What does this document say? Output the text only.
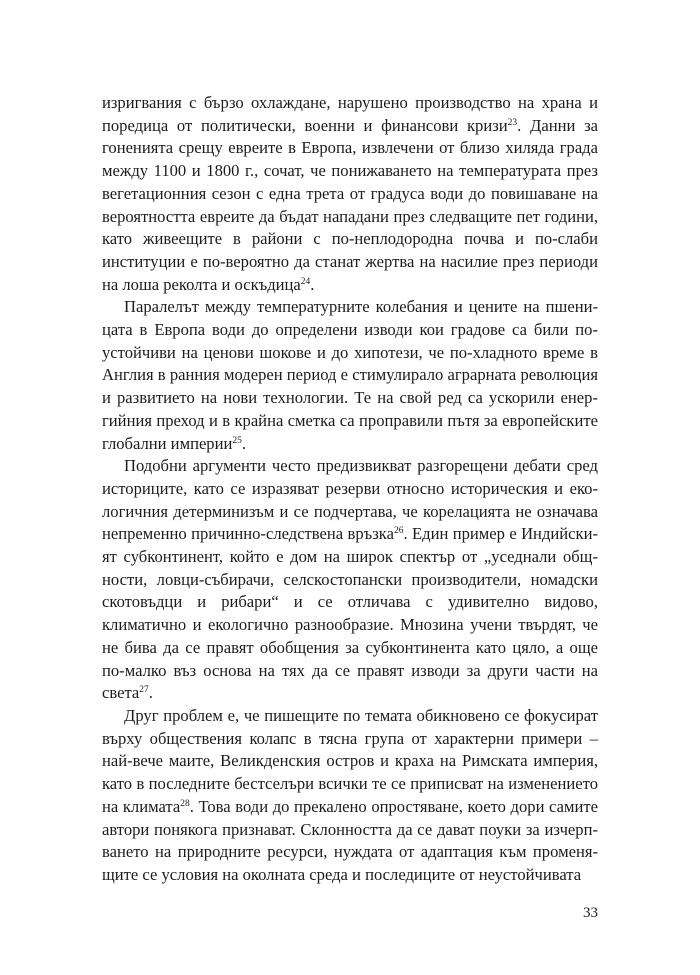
изригвания с бързо охлаждане, нарушено производство на храна и поредица от политически, военни и финансови кризи$^{23}$. Данни за гоненията срещу евреите в Европа, извлечени от близо хиляда града между 1100 и 1800 г., сочат, че понижаването на температурата през вегетационния сезон с една трета от градуса води до повишаване на вероятността евреите да бъдат нападани през следващите пет години, като живеещите в райони с по-неплодородна почва и по-слаби институции е по-вероятно да станат жертва на насилие през периоди на лоша реколта и оскъдица$^{24}$.

Паралелът между температурните колебания и цените на пшеницата в Европа води до определени изводи кои градове са били поустойчиви на ценови шокове и до хипотези, че по-хладното време в Англия в ранния модерен период е стимулирало аграрната революция и развитието на нови технологии. Те на свой ред са ускорили енергийния преход и в крайна сметка са проправили пътя за европейските глобални империи$^{25}$.

Подобни аргументи често предизвикват разгорещени дебати сред историците, като се изразяват резерви относно историческия и екологичния детерминизъм и се подчертава, че корелацията не означава непременно причинно-следствена връзка$^{26}$. Един пример е Индийският субконтинент, който е дом на широк спектър от „уседнали общности, ловци-събирачи, селскостопански производители, номадски скотовъдци и рибари“ и се отличава с удивително видово, климатично и екологично разнообразие. Мнозина учени твърдят, че не бива да се правят обобщения за субконтинента като цяло, а още по-малко въз основа на тях да се правят изводи за други части на света$^{27}$.

Друг проблем е, че пишещите по темата обикновено се фокусират върху обществения колапс в тясна група от характерни примери – най-вече маите, Великденския остров и краха на Римската империя, като в последните бестселъри всички те се приписват на изменението на климата$^{28}$. Това води до прекалено опростяване, което дори самите автори понякога признават. Склонността да се дават поуки за изчерпването на природните ресурси, нуждата от адаптация към променящите се условия на околната среда и последиците от неустойчивата

33
